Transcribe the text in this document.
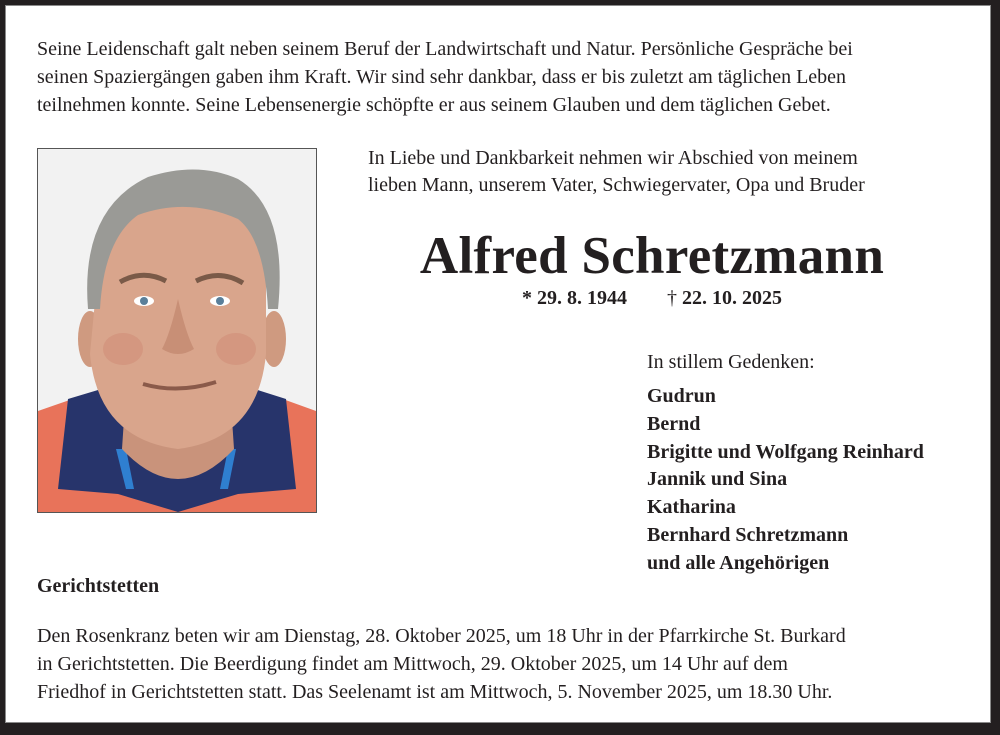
Seine Leidenschaft galt neben seinem Beruf der Landwirtschaft und Natur. Persönliche Gespräche bei
seinen Spaziergängen gaben ihm Kraft. Wir sind sehr dankbar, dass er bis zuletzt am täglichen Leben
teilnehmen konnte. Seine Lebensenergie schöpfte er aus seinem Glauben und dem täglichen Gebet.

In Liebe und Dankbarkeit nehmen wir Abschied von meinem
lieben Mann, unserem Vater, Schwiegervater, Opa und Bruder

Alfred Schretzmann
* 29. 8. 1944 † 22. 10. 2025
In stillem Gedenken:
Gudrun
Bernd
Brigitte und Wolfgang Reinhard
Jannik und Sina
Katharina
Bernhard Schretzmann
und alle Angehörigen
Gerichtstetten

Den Rosenkranz beten wir am Dienstag, 28. Oktober 2025, um 18 Uhr in der Pfarrkirche St. Burkard
in Gerichtstetten. Die Beerdigung findet am Mittwoch, 29. Oktober 2025, um 14 Uhr auf dem
Friedhof in Gerichtstetten statt. Das Seelenamt ist am Mittwoch, 5. November 2025, um 18.30 Uhr.
